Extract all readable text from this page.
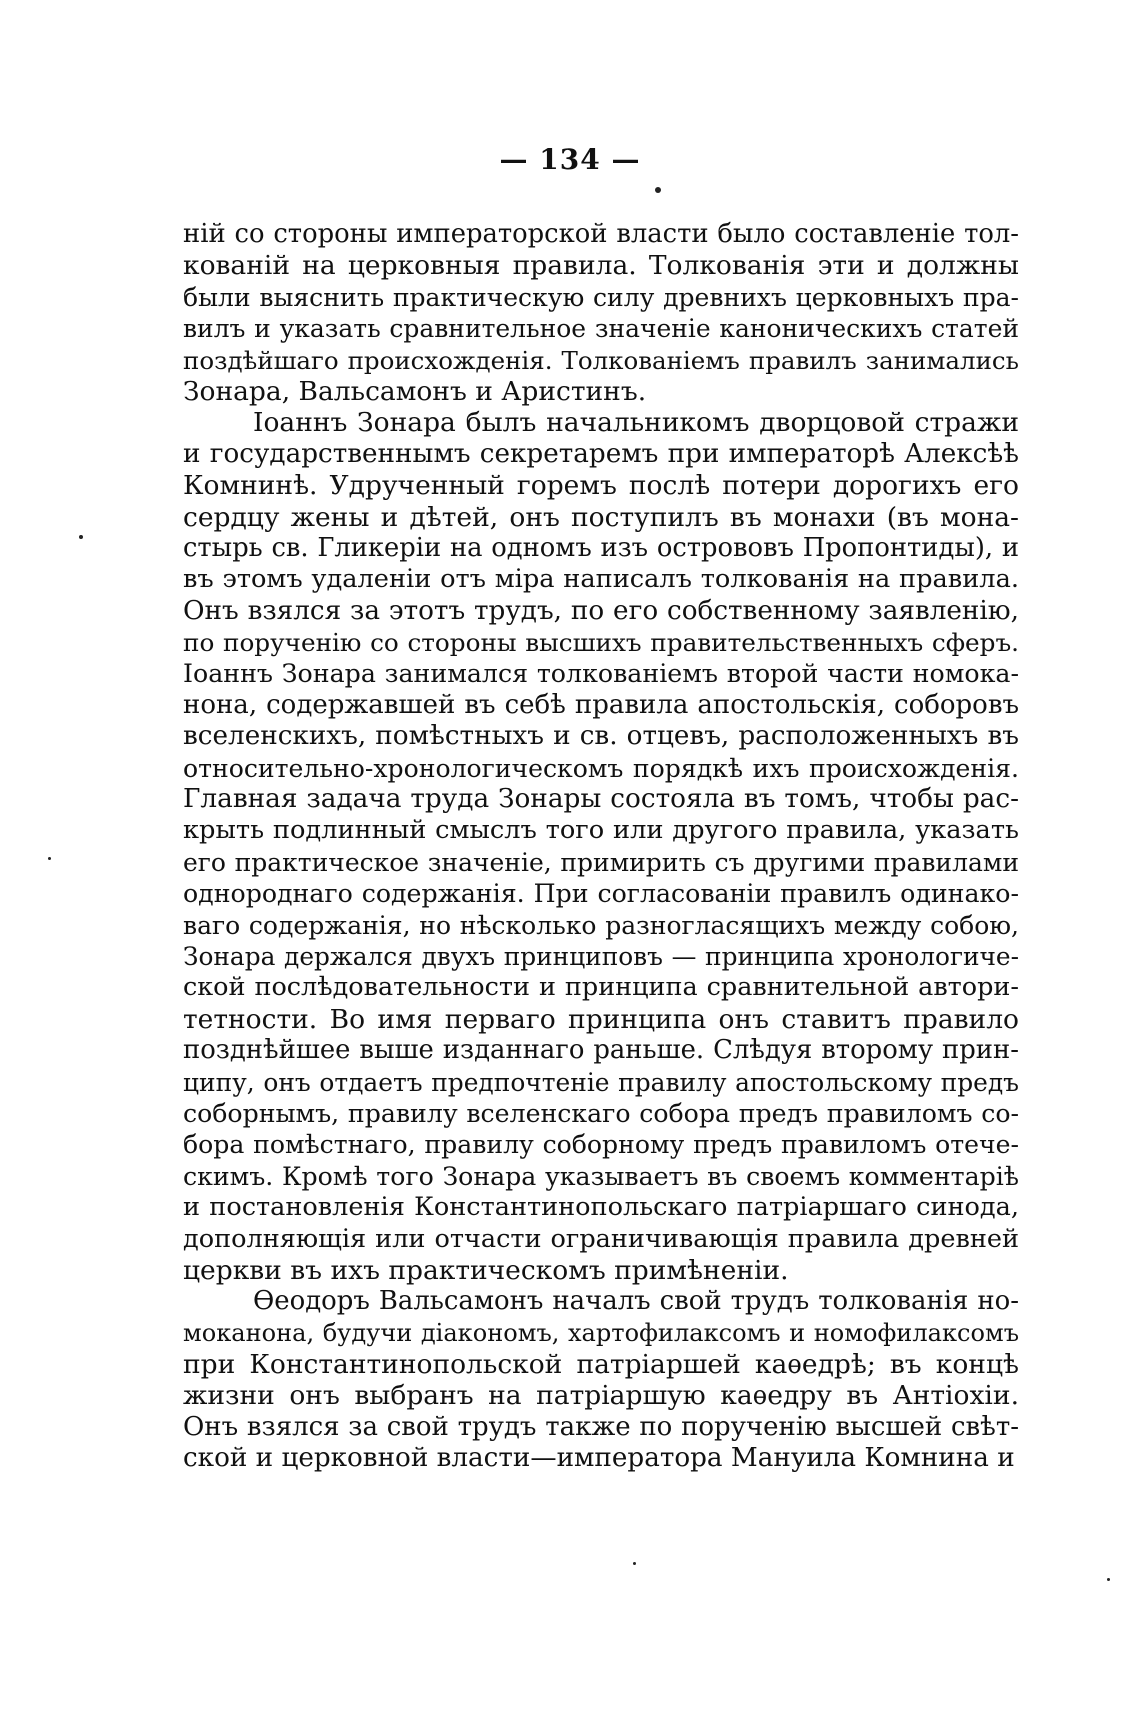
— 134 —
ній со стороны императорской власти было составленіе тол-
кованій на церковныя правила. Толкованія эти и должны
были выяснить практическую силу древнихъ церковныхъ пра-
вилъ и указать сравнительное значеніе каноническихъ статей
поздѣйшаго происхожденія. Толкованіемъ правилъ занимались
Зонара, Вальсамонъ и Аристинъ.
Іоаннъ Зонара былъ начальникомъ дворцовой стражи
и государственнымъ секретаремъ при императорѣ Алексѣѣ
Комнинѣ. Удрученный горемъ послѣ потери дорогихъ его
сердцу жены и дѣтей, онъ поступилъ въ монахи (въ мона-
стырь св. Гликеріи на одномъ изъ острововъ Пропонтиды), и
въ этомъ удаленіи отъ міра написалъ толкованія на правила.
Онъ взялся за этотъ трудъ, по его собственному заявленію,
по порученію со стороны высшихъ правительственныхъ сферъ.
Іоаннъ Зонара занимался толкованіемъ второй части номока-
нона, содержавшей въ себѣ правила апостольскія, соборовъ
вселенскихъ, помѣстныхъ и св. отцевъ, расположенныхъ въ
относительно-хронологическомъ порядкѣ ихъ происхожденія.
Главная задача труда Зонары состояла въ томъ, чтобы рас-
крыть подлинный смыслъ того или другого правила, указать
его практическое значеніе, примирить съ другими правилами
однороднаго содержанія. При согласованіи правилъ одинако-
ваго содержанія, но нѣсколько разногласящихъ между собою,
Зонара держался двухъ принциповъ — принципа хронологиче-
ской послѣдовательности и принципа сравнительной автори-
тетности. Во имя перваго принципа онъ ставитъ правило
позднѣйшее выше изданнаго раньше. Слѣдуя второму прин-
ципу, онъ отдаетъ предпочтеніе правилу апостольскому предъ
соборнымъ, правилу вселенскаго собора предъ правиломъ со-
бора помѣстнаго, правилу соборному предъ правиломъ отече-
скимъ. Кромѣ того Зонара указываетъ въ своемъ комментаріѣ
и постановленія Константинопольскаго патріаршаго синода,
дополняющія или отчасти ограничивающія правила древней
церкви въ ихъ практическомъ примѣненіи.
Ѳеодоръ Вальсамонъ началъ свой трудъ толкованія но-
моканона, будучи діакономъ, хартофилаксомъ и номофилаксомъ
при Константинопольской патріаршей каѳедрѣ; въ концѣ
жизни онъ выбранъ на патріаршую каѳедру въ Антіохіи.
Онъ взялся за свой трудъ также по порученію высшей свѣт-
ской и церковной власти—императора Мануила Комнина и
